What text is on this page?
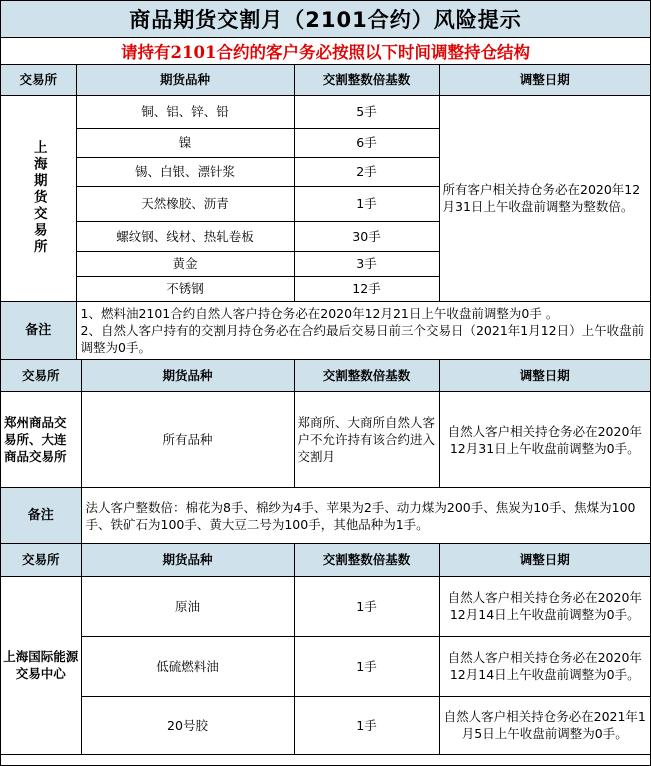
商品期货交割月（2101合约）风险提示
请持有2101合约的客户务必按照以下时间调整持仓结构
交易所	期货品种	交割整数倍基数	调整日期

上海期货交易所	铜、铝、锌、铅	5手	所有客户相关持仓务必在2020年12月31日上午收盘前调整为整数倍。
	镍	6手	
	锡、白银、漂针浆	2手	
	天然橡胶、沥青	1手	
	螺纹钢、线材、热轧卷板	30手	
	黄金	3手	
	不锈钢	12手	
备注	1、燃料油2101合约自然人客户持仓务必在2020年12月21日上午收盘前调整为0手 。
2、自然人客户持有的交割月持仓务必在合约最后交易日前三个交易日（2021年1月12日）上午收盘前调整为0手。		
交易所	期货品种	交割整数倍基数	调整日期
郑州商品交易所、大连商品交易所	所有品种	郑商所、大商所自然人客户不允许持有该合约进入交割月	自然人客户相关持仓务必在2020年12月31日上午收盘前调整为0手。
备注	法人客户整数倍：棉花为8手、棉纱为4手、苹果为2手、动力煤为200手、焦炭为10手、焦煤为100手、铁矿石为100手、黄大豆二号为100手，其他品种为1手。		
交易所	期货品种	交割整数倍基数	调整日期
上海国际能源交易中心	原油	1手	自然人客户相关持仓务必在2020年12月14日上午收盘前调整为0手。
	低硫燃料油	1手	自然人客户相关持仓务必在2020年12月14日上午收盘前调整为0手。
	20号胶	1手	自然人客户相关持仓务必在2021年1月5日上午收盘前调整为0手。
